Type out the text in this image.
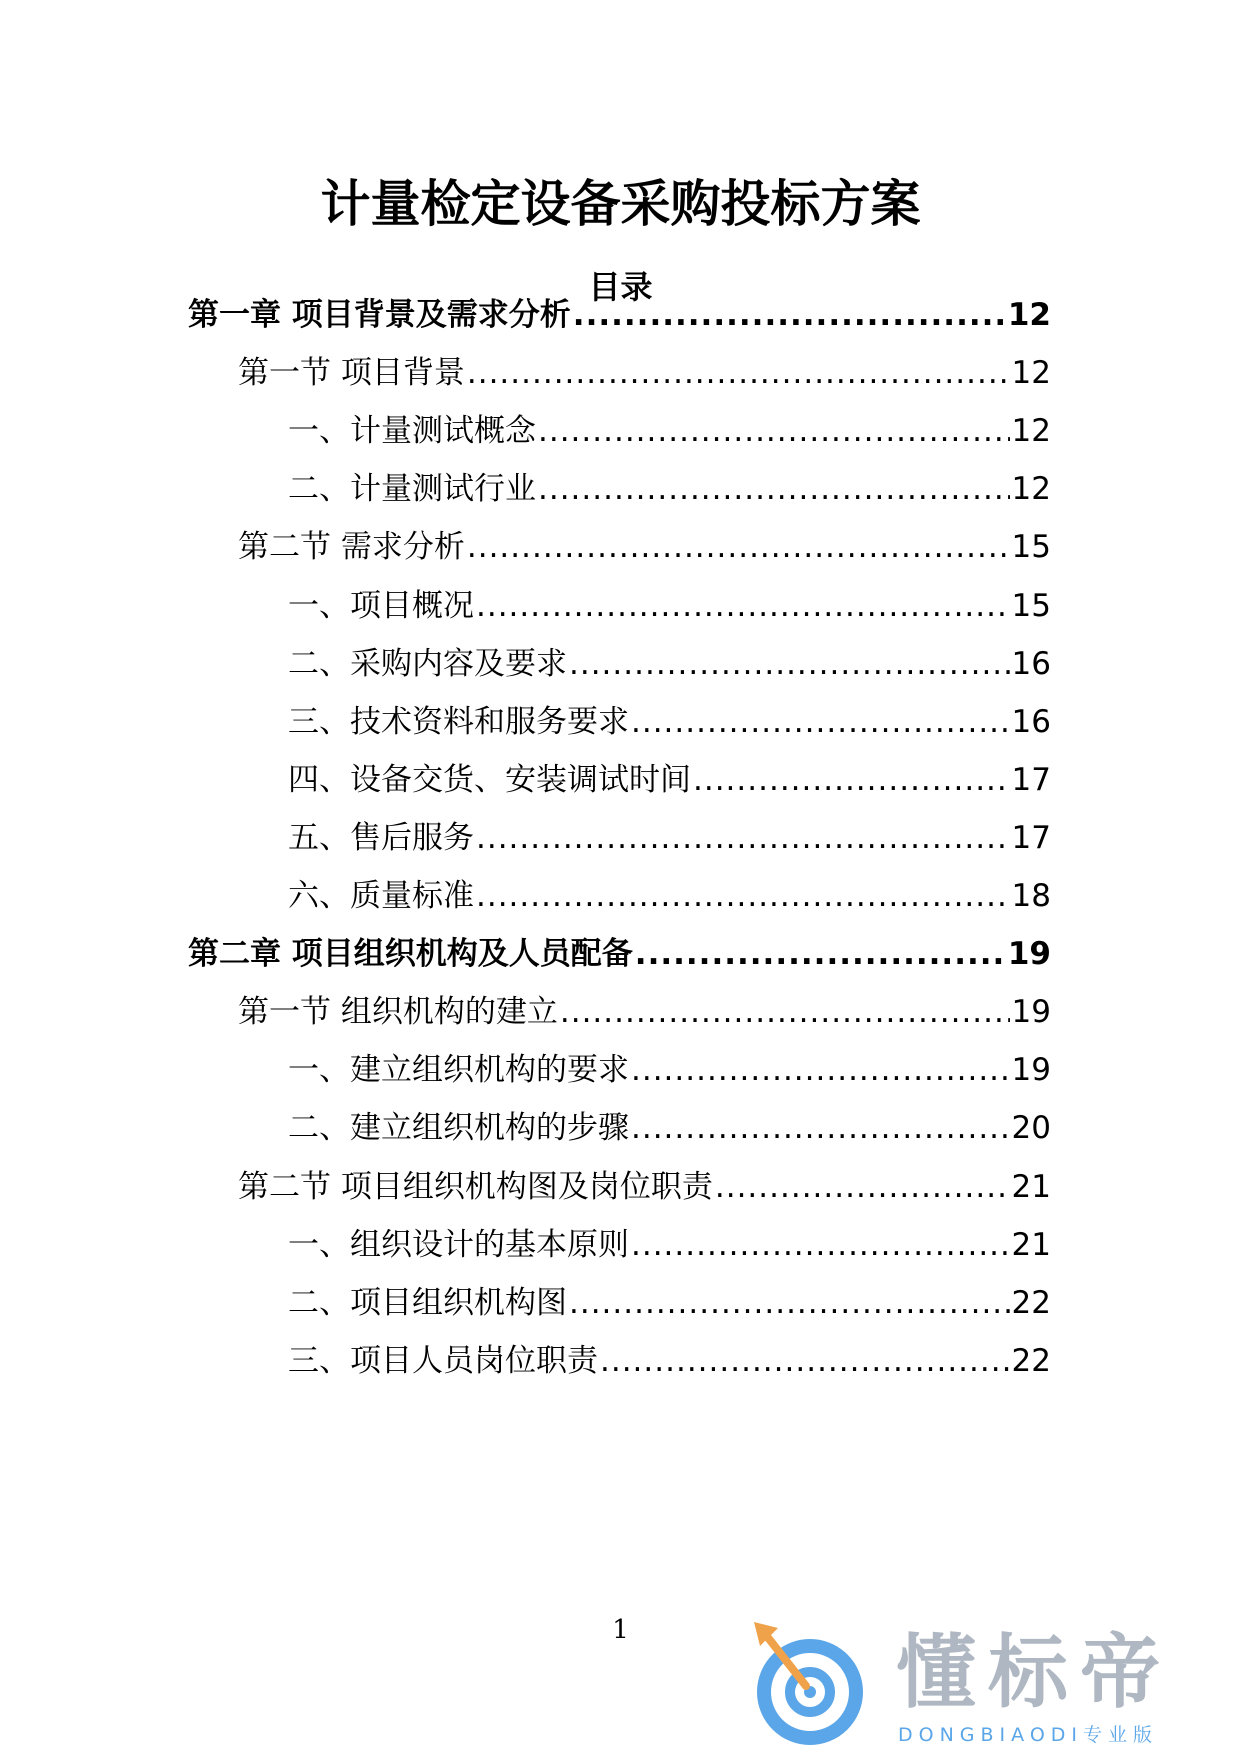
计量检定设备采购投标方案
目录
第一章 项目背景及需求分析 .....	12
第一节 项目背景 .....	12
一、计量测试概念 .....	12
二、计量测试行业 .....	12
第二节 需求分析 .....	15
一、项目概况 .....	15
二、采购内容及要求 .....	16
三、技术资料和服务要求 .....	16
四、设备交货、安装调试时间 .....	17
五、售后服务 .....	17
六、质量标准 .....	18
第二章 项目组织机构及人员配备 .....	19
第一节 组织机构的建立 .....	19
一、建立组织机构的要求 .....	19
二、建立组织机构的步骤 .....	20
第二节 项目组织机构图及岗位职责 .....	21
一、组织设计的基本原则 .....	21
二、项目组织机构图 .....	22
三、项目人员岗位职责 .....	22
1	懂标帝
DONGBIAODI专业版
